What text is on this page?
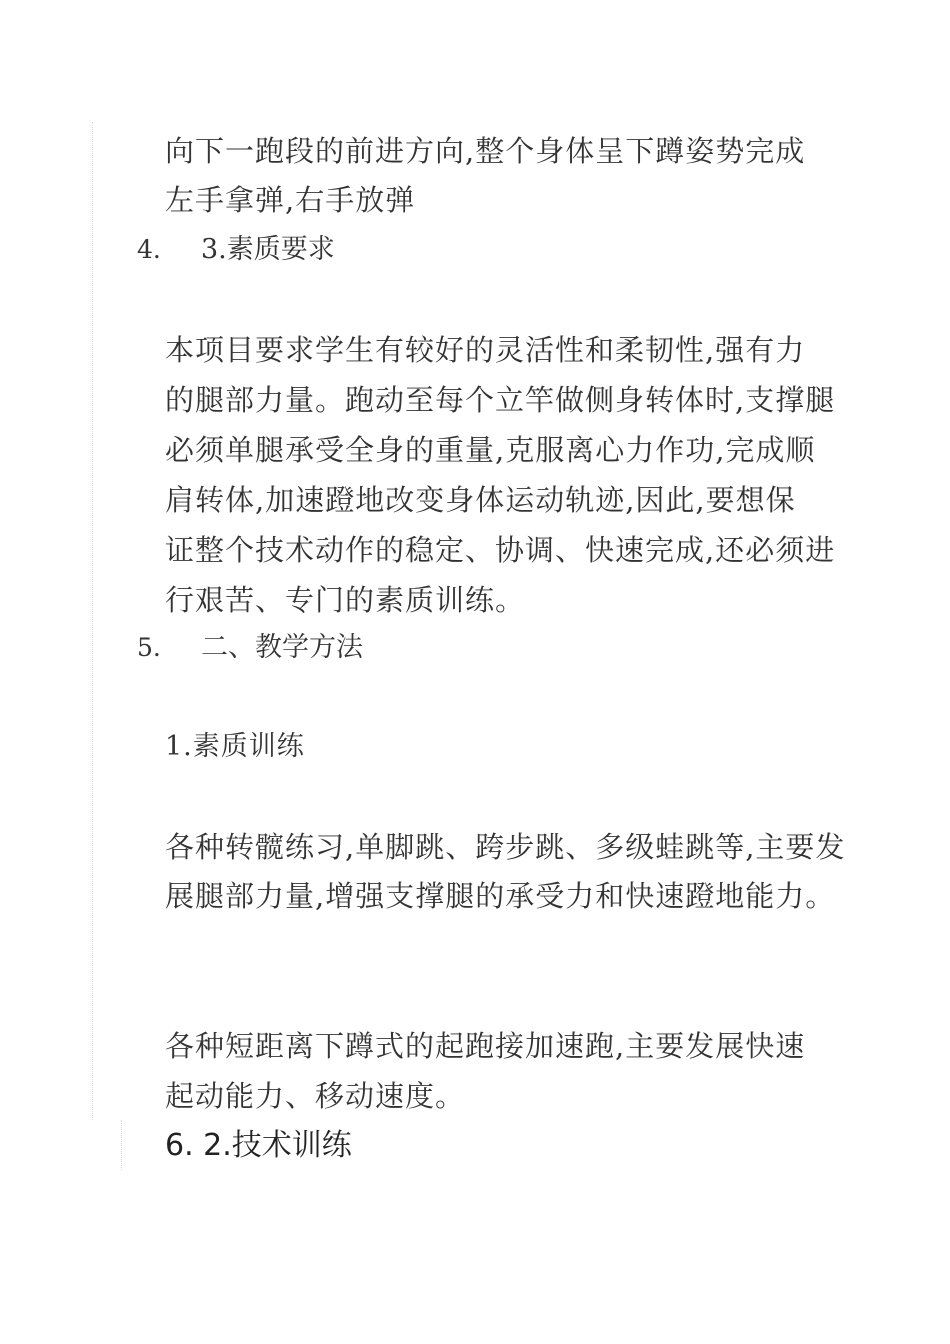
向下一跑段的前进方向,整个身体呈下蹲姿势完成
左手拿弹,右手放弹
4. 3.素质要求
本项目要求学生有较好的灵活性和柔韧性,强有力
的腿部力量。跑动至每个立竿做侧身转体时,支撑腿
必须单腿承受全身的重量,克服离心力作功,完成顺
肩转体,加速蹬地改变身体运动轨迹,因此,要想保
证整个技术动作的稳定、协调、快速完成,还必须进
行艰苦、专门的素质训练。
5. 二、教学方法
1.素质训练
各种转髋练习,单脚跳、跨步跳、多级蛙跳等,主要发
展腿部力量,增强支撑腿的承受力和快速蹬地能力。
各种短距离下蹲式的起跑接加速跑,主要发展快速
起动能力、移动速度。
6. 2.技术训练
